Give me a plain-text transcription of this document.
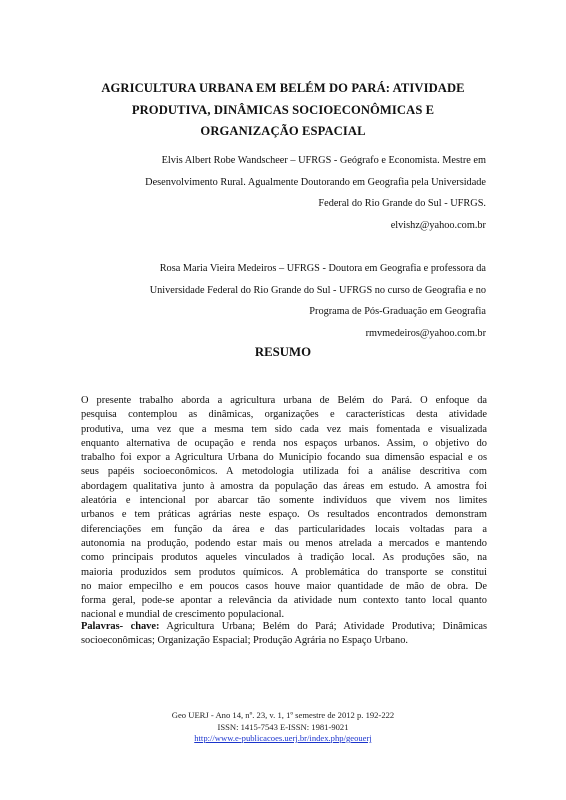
AGRICULTURA URBANA EM BELÉM DO PARÁ: ATIVIDADE
PRODUTIVA, DINÂMICAS SOCIOECONÔMICAS E
ORGANIZAÇÃO ESPACIAL
Elvis Albert Robe Wandscheer – UFRGS - Geógrafo e Economista. Mestre em
Desenvolvimento Rural. Agualmente Doutorando em Geografia pela Universidade
Federal do Rio Grande do Sul - UFRGS.
elvishz@yahoo.com.br
Rosa Maria Vieira Medeiros – UFRGS - Doutora em Geografia e professora da
Universidade Federal do Rio Grande do Sul - UFRGS no curso de Geografia e no
Programa de Pós-Graduação em Geografia
rmvmedeiros@yahoo.com.br
RESUMO
O presente trabalho aborda a agricultura urbana de Belém do Pará. O enfoque da
pesquisa contemplou as dinâmicas, organizações e características desta atividade
produtiva, uma vez que a mesma tem sido cada vez mais fomentada e visualizada
enquanto alternativa de ocupação e renda nos espaços urbanos. Assim, o objetivo do
trabalho foi expor a Agricultura Urbana do Município focando sua dimensão espacial e os
seus papéis socioeconômicos. A metodologia utilizada foi a análise descritiva com
abordagem qualitativa junto à amostra da população das áreas em estudo. A amostra foi
aleatória e intencional por abarcar tão somente indivíduos que vivem nos limites
urbanos e tem práticas agrárias neste espaço. Os resultados encontrados demonstram
diferenciações em função da área e das particularidades locais voltadas para a
autonomia na produção, podendo estar mais ou menos atrelada a mercados e mantendo
como principais produtos aqueles vinculados à tradição local. As produções são, na
maioria produzidos sem produtos químicos. A problemática do transporte se constitui
no maior empecilho e em poucos casos houve maior quantidade de mão de obra. De
forma geral, pode-se apontar a relevância da atividade num contexto tanto local quanto
nacional e mundial de crescimento populacional.
Palavras- chave: Agricultura Urbana; Belém do Pará; Atividade Produtiva; Dinâmicas
socioeconômicas; Organização Espacial; Produção Agrária no Espaço Urbano.
Geo UERJ - Ano 14, nº. 23, v. 1, 1º semestre de 2012 p. 192-222
ISSN: 1415-7543 E-ISSN: 1981-9021
http://www.e-publicacoes.uerj.br/index.php/geouerj
